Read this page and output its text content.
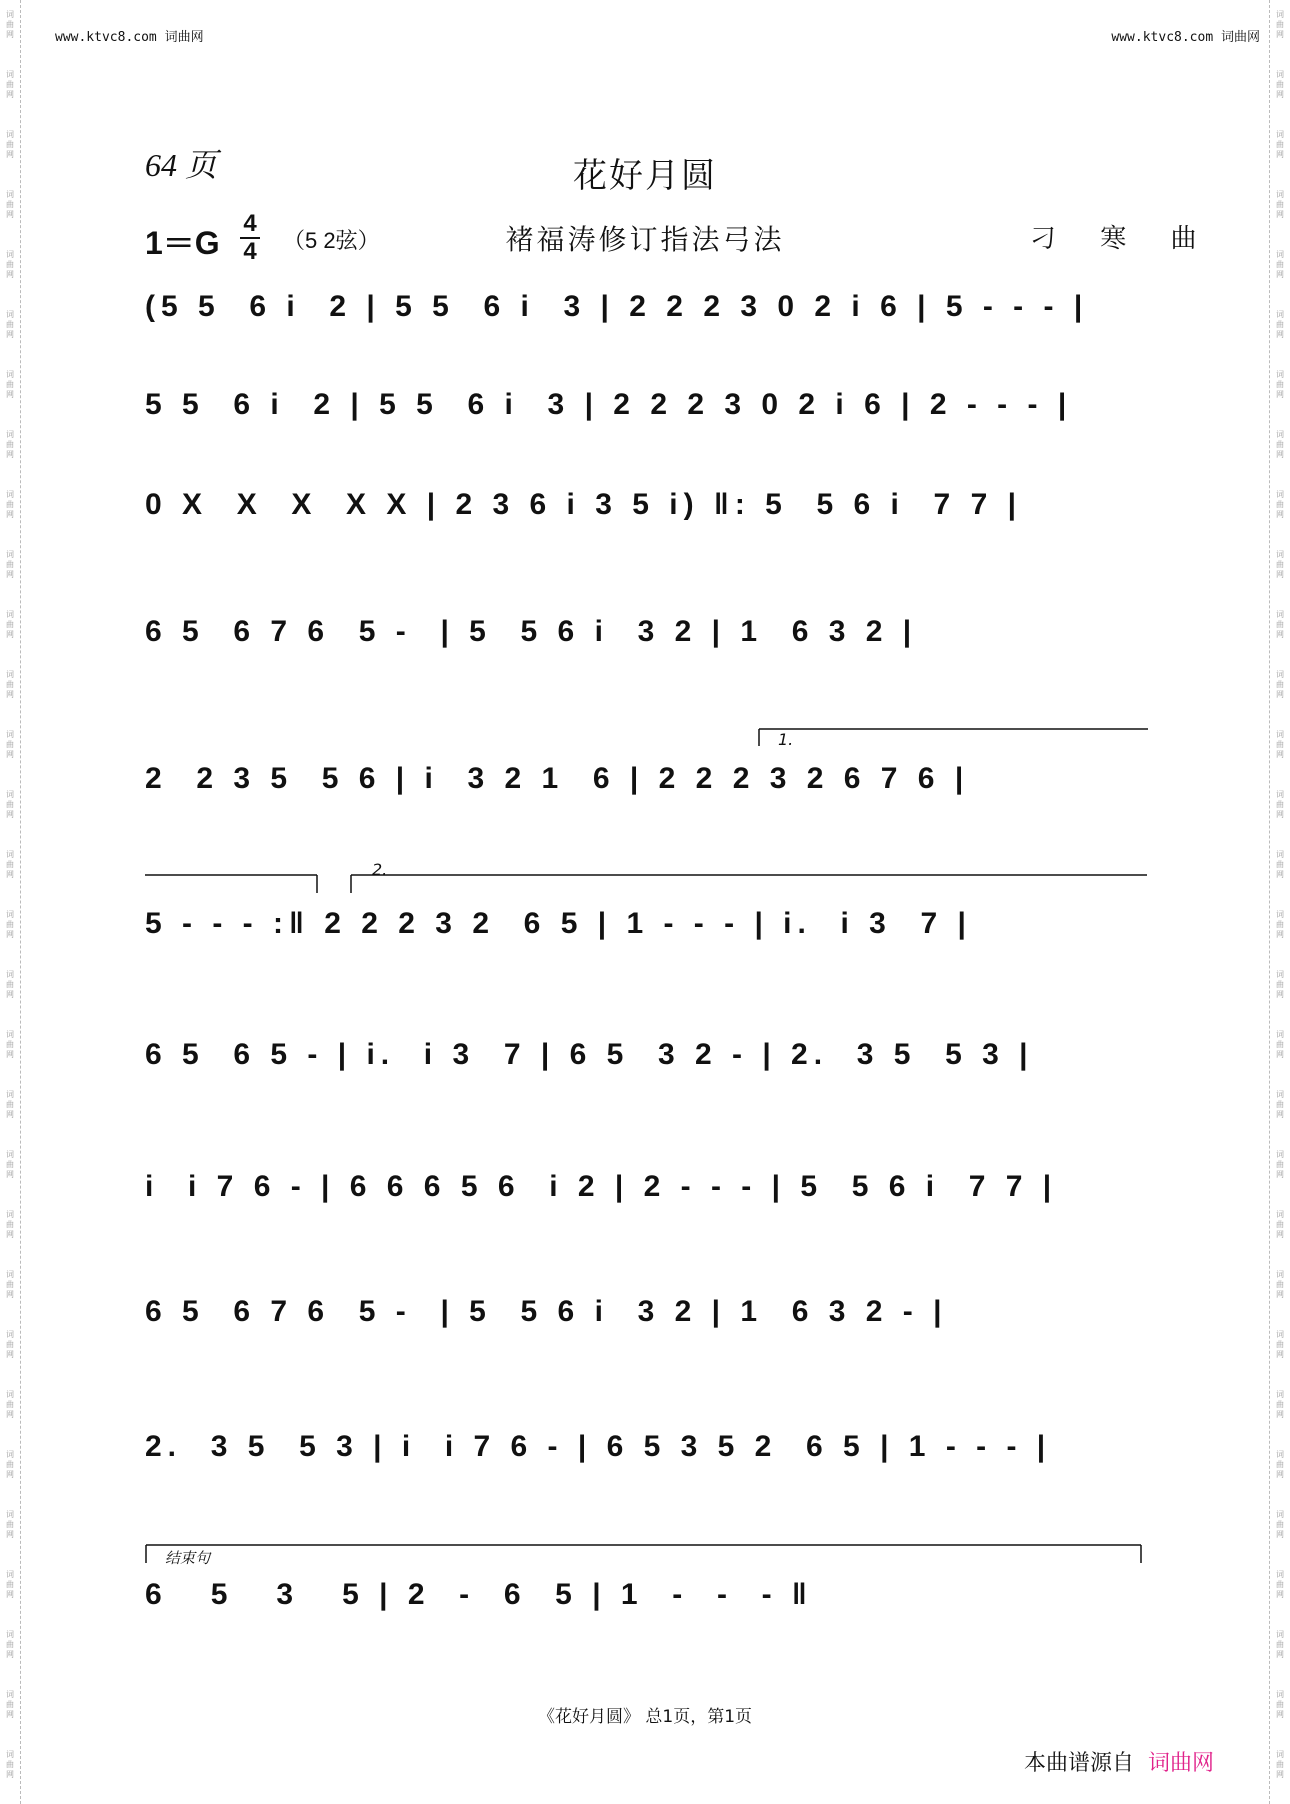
词
曲
网
词
曲
网
词
曲
网
词
曲
网
词
曲
网
词
曲
网
词
曲
网
词
曲
网
词
曲
网
词
曲
网
词
曲
网
词
曲
网
词
曲
网
词
曲
网
词
曲
网
词
曲
网
词
曲
网
词
曲
网
词
曲
网
词
曲
网
词
曲
网
词
曲
网
词
曲
网
词
曲
网
词
曲
网
词
曲
网
词
曲
网
词
曲
网
词
曲
网
词
曲
网
词
曲
网
词
曲
网
词
曲
网
词
曲
网
词
曲
网
词
曲
网
词
曲
网
词
曲
网
词
曲
网
词
曲
网
词
曲
网
词
曲
网
词
曲
网
词
曲
网
词
曲
网
词
曲
网
词
曲
网
词
曲
网
词
曲
网
词
曲
网
词
曲
网
词
曲
网
词
曲
网
词
曲
网
词
曲
网
词
曲
网
词
曲
网
词
曲
网
词
曲
网
词
曲
网
www.ktvc8.com 词曲网	www.ktvc8.com 词曲网
64 页	花好月圆
1＝G
4
4 （5 2弦）	褚福涛修订指法弓法	刁 寒 曲
(5 5  6 i  2 | 5 5  6 i  3 | 2 2 2 3 0 2 i 6 | 5 - - - |
5 5  6 i  2 | 5 5  6 i  3 | 2 2 2 3 0 2 i 6 | 2 - - - |
0 X  X  X  X X | 2 3 6 i 3 5 i) ‖: 5  5 6 i  7 7 |
6 5  6 7 6  5 -  | 5  5 6 i  3 2 | 1  6 3 2 |
1.
2  2 3 5  5 6 | i  3 2 1  6 | 2 2 2 3 2 6 7 6 |
2.
5 - - - :‖ 2 2 2 3 2  6 5 | 1 - - - | i.  i 3  7 |
6 5  6 5 - | i.  i 3  7 | 6 5  3 2 - | 2.  3 5  5 3 |
i  i 7 6 - | 6 6 6 5 6  i 2 | 2 - - - | 5  5 6 i  7 7 |
6 5  6 7 6  5 -  | 5  5 6 i  3 2 | 1  6 3 2 - |
2.  3 5  5 3 | i  i 7 6 - | 6 5 3 5 2  6 5 | 1 - - - |
结束句
6   5   3   5 | 2  -  6  5 | 1  -  -  - ‖
《花好月圆》 总1页，第1页
本曲谱源自 词曲网
